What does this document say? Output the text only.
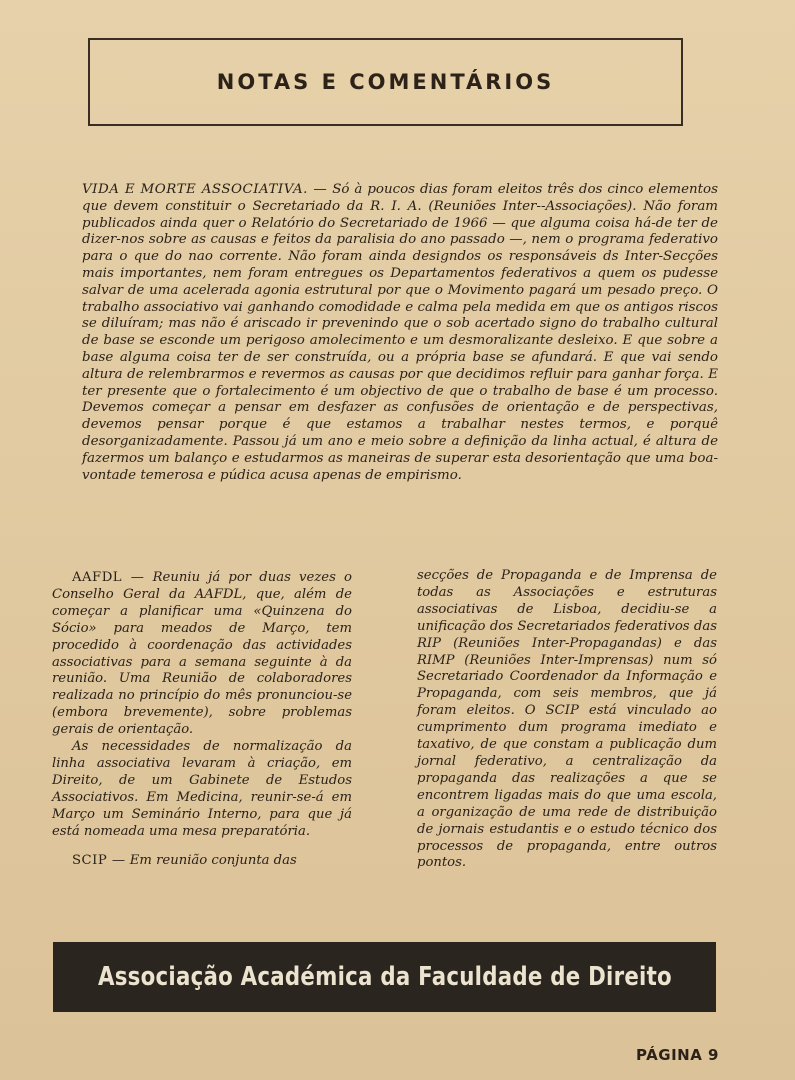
NOTAS E COMENTÁRIOS
VIDA E MORTE ASSOCIATIVA. — Só à poucos dias foram eleitos três dos cinco elementos que devem constituir o Secretariado da R. I. A. (Reuniões Inter--Associações). Não foram publicados ainda quer o Relatório do Secretariado de 1966 — que alguma coisa há-de ter de dizer-nos sobre as causas e feitos da paralisia do ano passado —, nem o programa federativo para o que do nao corrente. Não foram ainda designdos os responsáveis ds Inter-Secções mais importantes, nem foram entregues os Departamentos federativos a quem os pudesse salvar de uma acelerada agonia estrutural por que o Movimento pagará um pesado preço. O trabalho associativo vai ganhando comodidade e calma pela medida em que os antigos riscos se diluíram; mas não é ariscado ir prevenindo que o sob acertado signo do trabalho cultural de base se esconde um perigoso amolecimento e um desmoralizante desleixo. E que sobre a base alguma coisa ter de ser construída, ou a própria base se afundará. E que vai sendo altura de relembrarmos e revermos as causas por que decidimos refluir para ganhar força. E ter presente que o fortalecimento é um objectivo de que o trabalho de base é um processo. Devemos começar a pensar em desfazer as confusões de orientação e de perspectivas, devemos pensar porque é que estamos a trabalhar nestes termos, e porquê desorganizadamente. Passou já um ano e meio sobre a definição da linha actual, é altura de fazermos um balanço e estudarmos as maneiras de superar esta desorientação que uma boa-vontade temerosa e púdica acusa apenas de empirismo.

AAFDL — Reuniu já por duas vezes o Conselho Geral da AAFDL, que, além de começar a planificar uma «Quinzena do Sócio» para meados de Março, tem procedido à coordenação das actividades associativas para a semana seguinte à da reunião. Uma Reunião de colaboradores realizada no princípio do mês pronunciou-se (embora brevemente), sobre problemas gerais de orientação.

As necessidades de normalização da linha associativa levaram à criação, em Direito, de um Gabinete de Estudos Associativos. Em Medicina, reunir-se-á em Março um Seminário Interno, para que já está nomeada uma mesa preparatória.

SCIP — Em reunião conjunta das

secções de Propaganda e de Imprensa de todas as Associações e estruturas associativas de Lisboa, decidiu-se a unificação dos Secretariados federativos das RIP (Reuniões Inter-Propagandas) e das RIMP (Reuniões Inter-Imprensas) num só Secretariado Coordenador da Informação e Propaganda, com seis membros, que já foram eleitos. O SCIP está vinculado ao cumprimento dum programa imediato e taxativo, de que constam a publicação dum jornal federativo, a centralização da propaganda das realizações a que se encontrem ligadas mais do que uma escola, a organização de uma rede de distribuição de jornais estudantis e o estudo técnico dos processos de propaganda, entre outros pontos.

Associação Académica da Faculdade de Direito
PÁGINA 9
